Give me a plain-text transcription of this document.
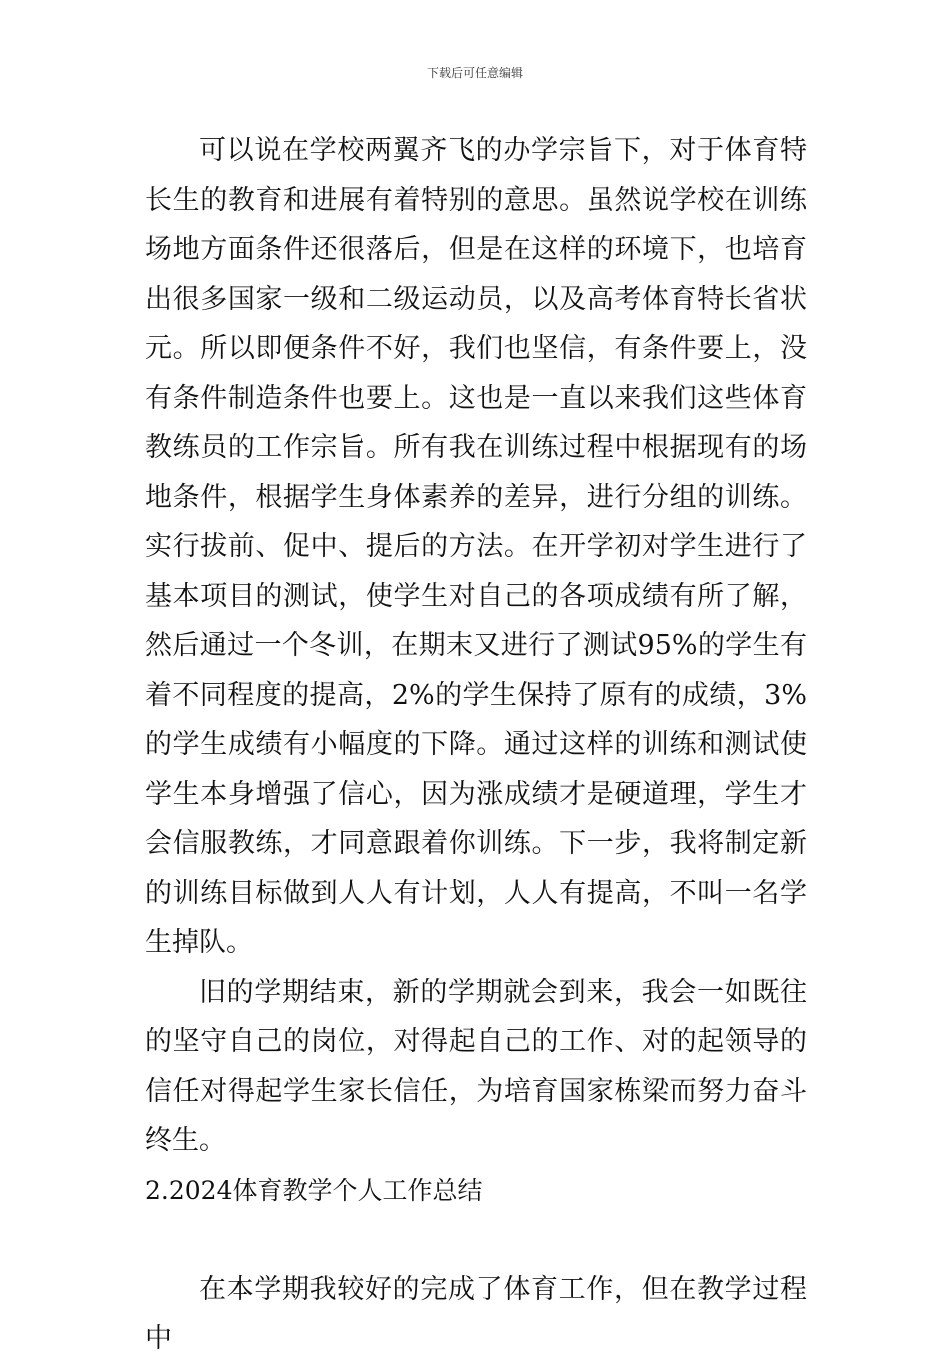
下载后可任意编辑

可以说在学校两翼齐飞的办学宗旨下，对于体育特长生的教育和进展有着特别的意思。虽然说学校在训练场地方面条件还很落后，但是在这样的环境下，也培育出很多国家一级和二级运动员，以及高考体育特长省状元。所以即便条件不好，我们也坚信，有条件要上，没有条件制造条件也要上。这也是一直以来我们这些体育教练员的工作宗旨。所有我在训练过程中根据现有的场地条件，根据学生身体素养的差异，进行分组的训练。实行拔前、促中、提后的方法。在开学初对学生进行了基本项目的测试，使学生对自己的各项成绩有所了解，然后通过一个冬训，在期末又进行了测试95%的学生有着不同程度的提高，2%的学生保持了原有的成绩，3%的学生成绩有小幅度的下降。通过这样的训练和测试使学生本身增强了信心，因为涨成绩才是硬道理，学生才会信服教练，才同意跟着你训练。下一步，我将制定新的训练目标做到人人有计划，人人有提高，不叫一名学生掉队。

旧的学期结束，新的学期就会到来，我会一如既往的坚守自己的岗位，对得起自己的工作、对的起领导的信任对得起学生家长信任，为培育国家栋梁而努力奋斗终生。

2.2024体育教学个人工作总结

在本学期我较好的完成了体育工作，但在教学过程中
